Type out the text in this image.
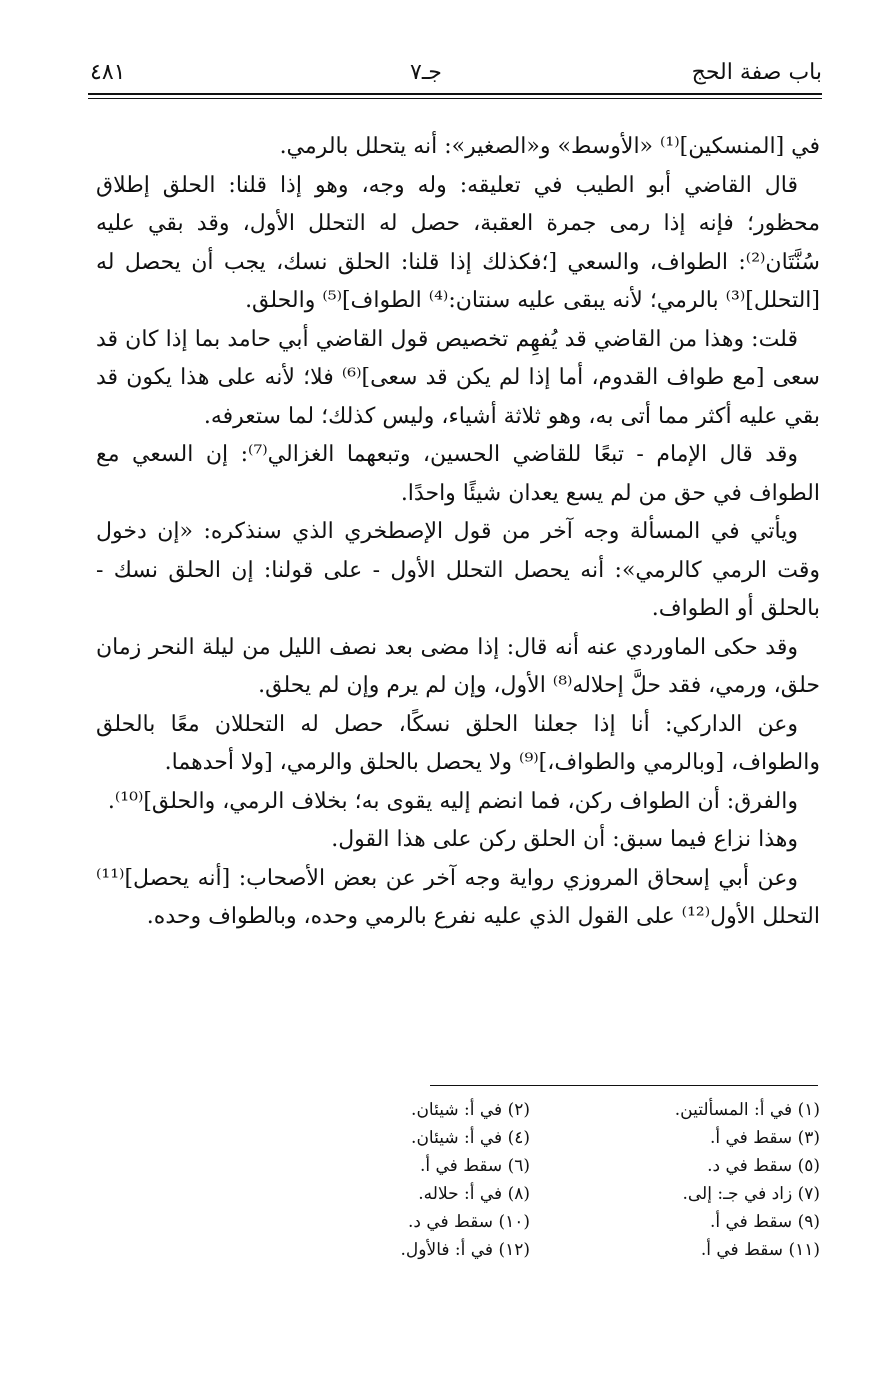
باب صفة الحج
جـ٧
٤٨١

في [المنسكين]⁽¹⁾ «الأوسط» و«الصغير»: أنه يتحلل بالرمي.

قال القاضي أبو الطيب في تعليقه: وله وجه، وهو إذا قلنا: الحلق إطلاق محظور؛ فإنه إذا رمى جمرة العقبة، حصل له التحلل الأول، وقد بقي عليه سُنَّتَان⁽²⁾: الطواف، والسعي [؛فكذلك إذا قلنا: الحلق نسك، يجب أن يحصل له [التحلل]⁽³⁾ بالرمي؛ لأنه يبقى عليه سنتان:⁽⁴⁾ الطواف]⁽⁵⁾ والحلق.

قلت: وهذا من القاضي قد يُفهِم تخصيص قول القاضي أبي حامد بما إذا كان قد سعى [مع طواف القدوم، أما إذا لم يكن قد سعى]⁽⁶⁾ فلا؛ لأنه على هذا يكون قد بقي عليه أكثر مما أتى به، وهو ثلاثة أشياء، وليس كذلك؛ لما ستعرفه.

وقد قال الإمام - تبعًا للقاضي الحسين، وتبعهما الغزالي⁽⁷⁾: إن السعي مع الطواف في حق من لم يسع يعدان شيئًا واحدًا.

ويأتي في المسألة وجه آخر من قول الإصطخري الذي سنذكره: «إن دخول وقت الرمي كالرمي»: أنه يحصل التحلل الأول - على قولنا: إن الحلق نسك - بالحلق أو الطواف.

وقد حكى الماوردي عنه أنه قال: إذا مضى بعد نصف الليل من ليلة النحر زمان حلق، ورمي، فقد حلَّ إحلاله⁽⁸⁾ الأول، وإن لم يرم وإن لم يحلق.

وعن الداركي: أنا إذا جعلنا الحلق نسكًا، حصل له التحللان معًا بالحلق والطواف، [وبالرمي والطواف،]⁽⁹⁾ ولا يحصل بالحلق والرمي، [ولا أحدهما.

والفرق: أن الطواف ركن، فما انضم إليه يقوى به؛ بخلاف الرمي، والحلق]⁽¹⁰⁾.

وهذا نزاع فيما سبق: أن الحلق ركن على هذا القول.

وعن أبي إسحاق المروزي رواية وجه آخر عن بعض الأصحاب: [أنه يحصل]⁽¹¹⁾ التحلل الأول⁽¹²⁾ على القول الذي عليه نفرع بالرمي وحده، وبالطواف وحده.

(١) في أ: المسألتين.
(٢) في أ: شيئان.
(٣) سقط في أ.
(٤) في أ: شيئان.
(٥) سقط في د.
(٦) سقط في أ.
(٧) زاد في جـ: إلى.
(٨) في أ: حلاله.
(٩) سقط في أ.
(١٠) سقط في د.
(١١) سقط في أ.
(١٢) في أ: فالأول.
